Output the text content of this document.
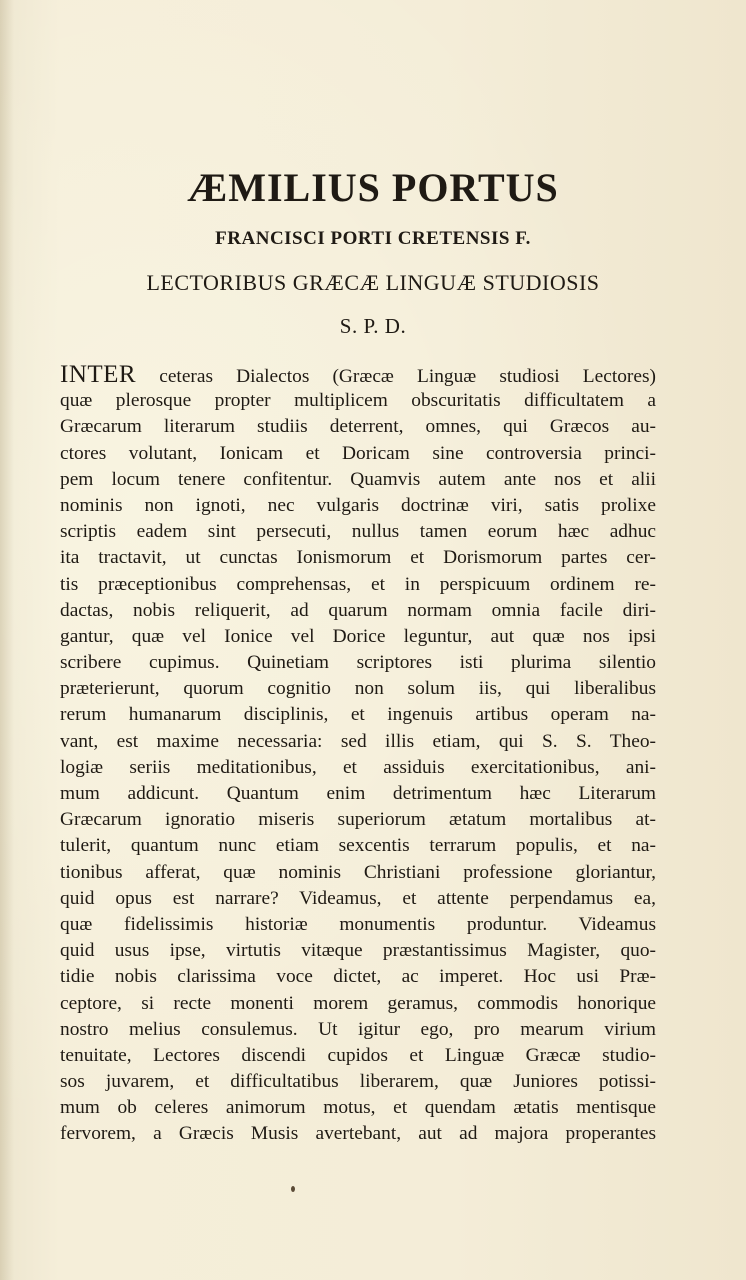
ÆMILIUS PORTUS
FRANCISCI PORTI CRETENSIS F.
LECTORIBUS GRÆCÆ LINGUÆ STUDIOSIS
S. P. D.
INTER ceteras Dialectos (Græcæ Linguæ studiosi Lectores)
quæ plerosque propter multiplicem obscuritatis difficultatem a
Græcarum literarum studiis deterrent, omnes, qui Græcos au-
ctores volutant, Ionicam et Doricam sine controversia princi-
pem locum tenere confitentur. Quamvis autem ante nos et alii
nominis non ignoti, nec vulgaris doctrinæ viri, satis prolixe
scriptis eadem sint persecuti, nullus tamen eorum hæc adhuc
ita tractavit, ut cunctas Ionismorum et Dorismorum partes cer-
tis præceptionibus comprehensas, et in perspicuum ordinem re-
dactas, nobis reliquerit, ad quarum normam omnia facile diri-
gantur, quæ vel Ionice vel Dorice leguntur, aut quæ nos ipsi
scribere cupimus. Quinetiam scriptores isti plurima silentio
præterierunt, quorum cognitio non solum iis, qui liberalibus
rerum humanarum disciplinis, et ingenuis artibus operam na-
vant, est maxime necessaria: sed illis etiam, qui S. S. Theo-
logiæ seriis meditationibus, et assiduis exercitationibus, ani-
mum addicunt. Quantum enim detrimentum hæc Literarum
Græcarum ignoratio miseris superiorum ætatum mortalibus at-
tulerit, quantum nunc etiam sexcentis terrarum populis, et na-
tionibus afferat, quæ nominis Christiani professione gloriantur,
quid opus est narrare? Videamus, et attente perpendamus ea,
quæ fidelissimis historiæ monumentis produntur. Videamus
quid usus ipse, virtutis vitæque præstantissimus Magister, quo-
tidie nobis clarissima voce dictet, ac imperet. Hoc usi Præ-
ceptore, si recte monenti morem geramus, commodis honorique
nostro melius consulemus. Ut igitur ego, pro mearum virium
tenuitate, Lectores discendi cupidos et Linguæ Græcæ studio-
sos juvarem, et difficultatibus liberarem, quæ Juniores potissi-
mum ob celeres animorum motus, et quendam ætatis mentisque
fervorem, a Græcis Musis avertebant, aut ad majora properantes
